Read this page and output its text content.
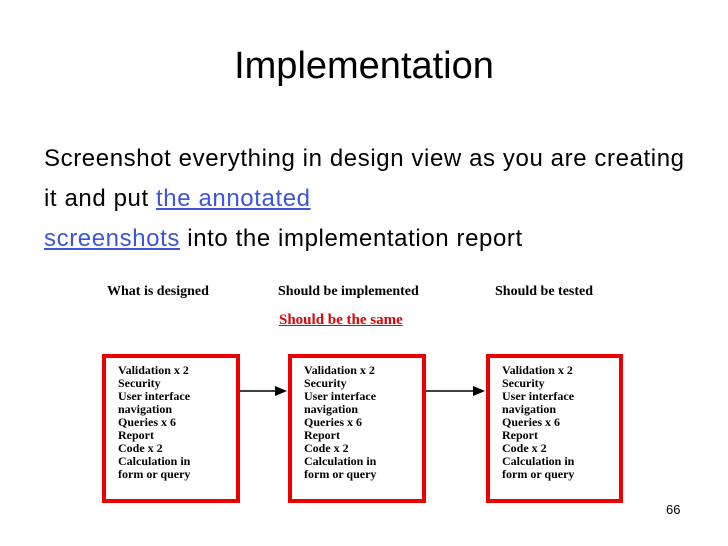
Implementation

Screenshot everything in design view as you are creating it and put the annotated
screenshots into the implementation report

What is designed	Should be implemented	Should be tested
Should be the same
Validation x 2
Security
User interface
navigation
Queries x 6
Report
Code x 2
Calculation in
form or query
Validation x 2
Security
User interface
navigation
Queries x 6
Report
Code x 2
Calculation in
form or query
Validation x 2
Security
User interface
navigation
Queries x 6
Report
Code x 2
Calculation in
form or query
66
